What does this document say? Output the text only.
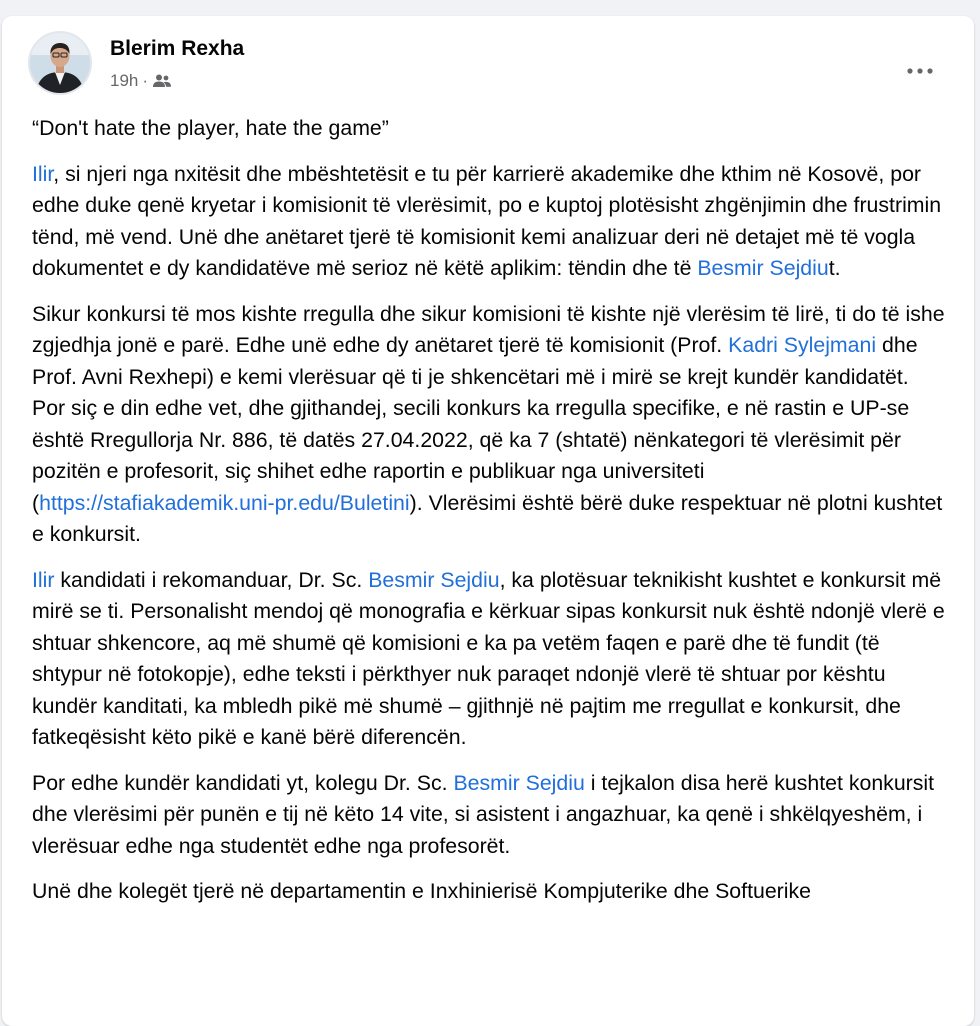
Blerim Rexha
19h ·

“Don't hate the player, hate the game”

Ilir, si njeri nga nxitësit dhe mbështetësit e tu për karrierë akademike dhe kthim në Kosovë, por edhe duke qenë kryetar i komisionit të vlerësimit, po e kuptoj plotësisht zhgënjimin dhe frustrimin tënd, më vend. Unë dhe anëtaret tjerë të komisionit kemi analizuar deri në detajet më të vogla dokumentet e dy kandidatëve më serioz në këtë aplikim: tëndin dhe të Besmir Sejdiut.

Sikur konkursi të mos kishte rregulla dhe sikur komisioni të kishte një vlerësim të lirë, ti do të ishe zgjedhja jonë e parë. Edhe unë edhe dy anëtaret tjerë të komisionit (Prof. Kadri Sylejmani dhe Prof. Avni Rexhepi) e kemi vlerësuar që ti je shkencëtari më i mirë se krejt kundër kandidatët. Por siç e din edhe vet, dhe gjithandej, secili konkurs ka rregulla specifike, e në rastin e UP-se është Rregullorja Nr. 886, të datës 27.04.2022, që ka 7 (shtatë) nënkategori të vlerësimit për pozitën e profesorit, siç shihet edhe raportin e publikuar nga universiteti (https://stafiakademik.uni-pr.edu/Buletini). Vlerësimi është bërë duke respektuar në plotni kushtet e konkursit.

Ilir kandidati i rekomanduar, Dr. Sc. Besmir Sejdiu, ka plotësuar teknikisht kushtet e konkursit më mirë se ti. Personalisht mendoj që monografia e kërkuar sipas konkursit nuk është ndonjë vlerë e shtuar shkencore, aq më shumë që komisioni e ka pa vetëm faqen e parë dhe të fundit (të shtypur në fotokopje), edhe teksti i përkthyer nuk paraqet ndonjë vlerë të shtuar por kështu kundër kanditati, ka mbledh pikë më shumë – gjithnjë në pajtim me rregullat e konkursit, dhe fatkeqësisht këto pikë e kanë bërë diferencën.

Por edhe kundër kandidati yt, kolegu Dr. Sc. Besmir Sejdiu i tejkalon disa herë kushtet konkursit dhe vlerësimi për punën e tij në këto 14 vite, si asistent i angazhuar, ka qenë i shkëlqyeshëm, i vlerësuar edhe nga studentët edhe nga profesorët.

Unë dhe kolegët tjerë në departamentin e Inxhinierisë Kompjuterike dhe Softuerike
